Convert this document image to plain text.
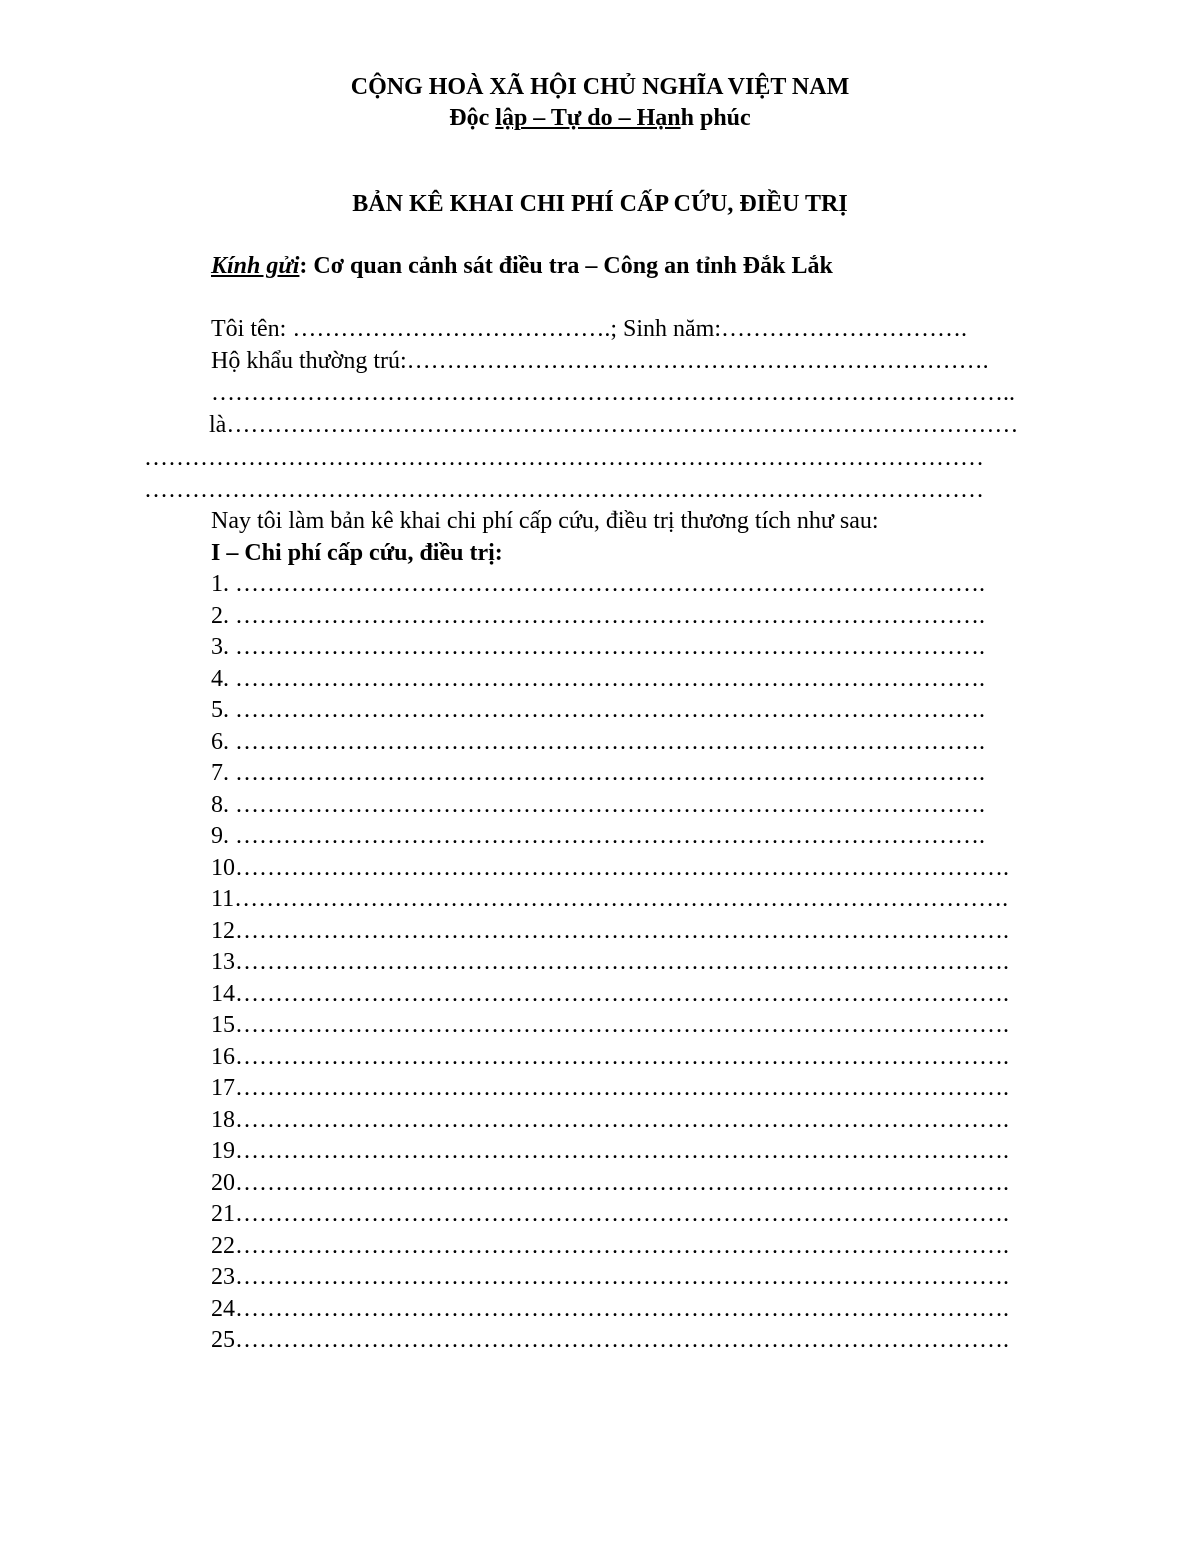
CỘNG HOÀ XÃ HỘI CHỦ NGHĨA VIỆT NAM
Độc lập – Tự do – Hạnh phúc
BẢN KÊ KHAI CHI PHÍ CẤP CỨU, ĐIỀU TRỊ
Kính gửi: Cơ quan cảnh sát điều tra – Công an tỉnh Đắk Lắk
Tôi tên: ………………………………….; Sinh năm:………………………….
Hộ khẩu thường trú:……………………………………………………………….
………………………………………………………………………………………..
là………………………………………………………………………………………
……………………………………………………………………………………………
……………………………………………………………………………………………
Nay tôi làm bản kê khai chi phí cấp cứu, điều trị thương tích như sau:
I – Chi phí cấp cứu, điều trị:
1. ………………………………………………………………………………….
2. ………………………………………………………………………………….
3. ………………………………………………………………………………….
4. ………………………………………………………………………………….
5. ………………………………………………………………………………….
6. ………………………………………………………………………………….
7. ………………………………………………………………………………….
8. ………………………………………………………………………………….
9. ………………………………………………………………………………….
10…………………………………………………………………………………….
11…………………………………………………………………………………….
12…………………………………………………………………………………….
13…………………………………………………………………………………….
14…………………………………………………………………………………….
15…………………………………………………………………………………….
16…………………………………………………………………………………….
17…………………………………………………………………………………….
18…………………………………………………………………………………….
19…………………………………………………………………………………….
20…………………………………………………………………………………….
21…………………………………………………………………………………….
22…………………………………………………………………………………….
23…………………………………………………………………………………….
24…………………………………………………………………………………….
25…………………………………………………………………………………….
